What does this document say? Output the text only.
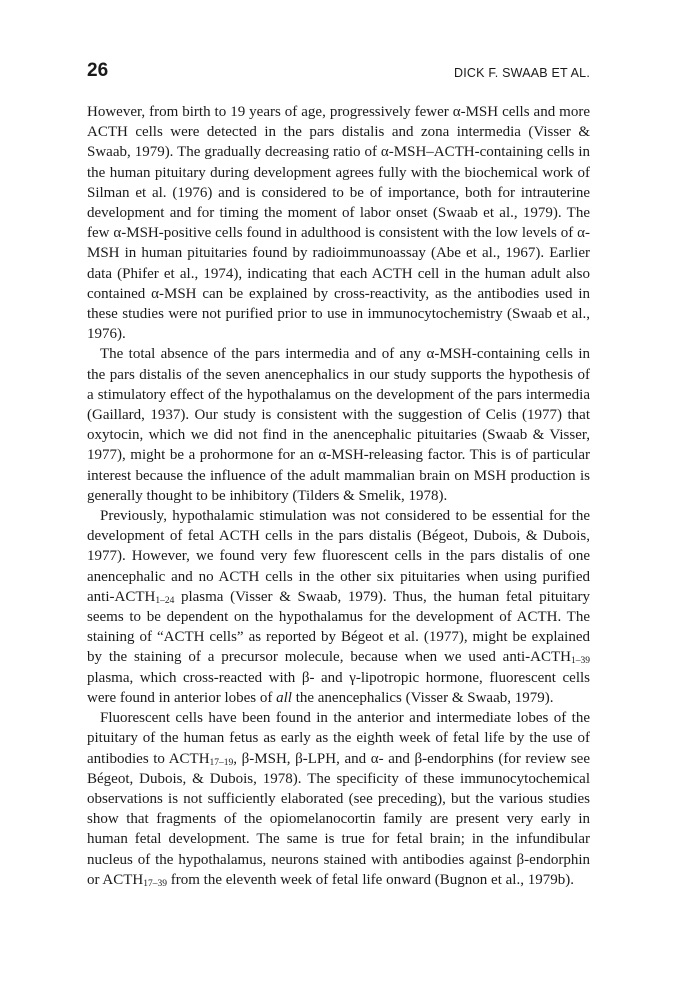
26	DICK F. SWAAB ET AL.

However, from birth to 19 years of age, progressively fewer α-MSH cells and more ACTH cells were detected in the pars distalis and zona intermedia (Visser & Swaab, 1979). The gradually decreasing ratio of α-MSH–ACTH-containing cells in the human pituitary during development agrees fully with the biochemical work of Silman et al. (1976) and is considered to be of importance, both for intrauterine development and for timing the moment of labor onset (Swaab et al., 1979). The few α-MSH-positive cells found in adulthood is consistent with the low levels of α-MSH in human pituitaries found by radioimmunoassay (Abe et al., 1967). Earlier data (Phifer et al., 1974), indicating that each ACTH cell in the human adult also contained α-MSH can be explained by cross-reactivity, as the antibodies used in these studies were not purified prior to use in immunocytochemistry (Swaab et al., 1976).

The total absence of the pars intermedia and of any α-MSH-containing cells in the pars distalis of the seven anencephalics in our study supports the hypothesis of a stimulatory effect of the hypothalamus on the development of the pars intermedia (Gaillard, 1937). Our study is consistent with the suggestion of Celis (1977) that oxytocin, which we did not find in the anencephalic pituitaries (Swaab & Visser, 1977), might be a prohormone for an α-MSH-releasing factor. This is of particular interest because the influence of the adult mammalian brain on MSH production is generally thought to be inhibitory (Tilders & Smelik, 1978).

Previously, hypothalamic stimulation was not considered to be essential for the development of fetal ACTH cells in the pars distalis (Bégeot, Dubois, & Dubois, 1977). However, we found very few fluorescent cells in the pars distalis of one anencephalic and no ACTH cells in the other six pituitaries when using purified anti-$ACTH_{1-24}$ plasma (Visser & Swaab, 1979). Thus, the human fetal pituitary seems to be dependent on the hypothalamus for the development of ACTH. The staining of “ACTH cells” as reported by Bégeot et al. (1977), might be explained by the staining of a precursor molecule, because when we used anti-$ACTH_{1-39}$ plasma, which cross-reacted with β- and γ-lipotropic hormone, fluorescent cells were found in anterior lobes of all the anencephalics (Visser & Swaab, 1979).

Fluorescent cells have been found in the anterior and intermediate lobes of the pituitary of the human fetus as early as the eighth week of fetal life by the use of antibodies to $ACTH_{17-19}$, β-MSH, β-LPH, and α- and β-endorphins (for review see Bégeot, Dubois, & Dubois, 1978). The specificity of these immunocytochemical observations is not sufficiently elaborated (see preceding), but the various studies show that fragments of the opiomelanocortin family are present very early in human fetal development. The same is true for fetal brain; in the infundibular nucleus of the hypothalamus, neurons stained with antibodies against β-endorphin or $ACTH_{17-39}$ from the eleventh week of fetal life onward (Bugnon et al., 1979b).
